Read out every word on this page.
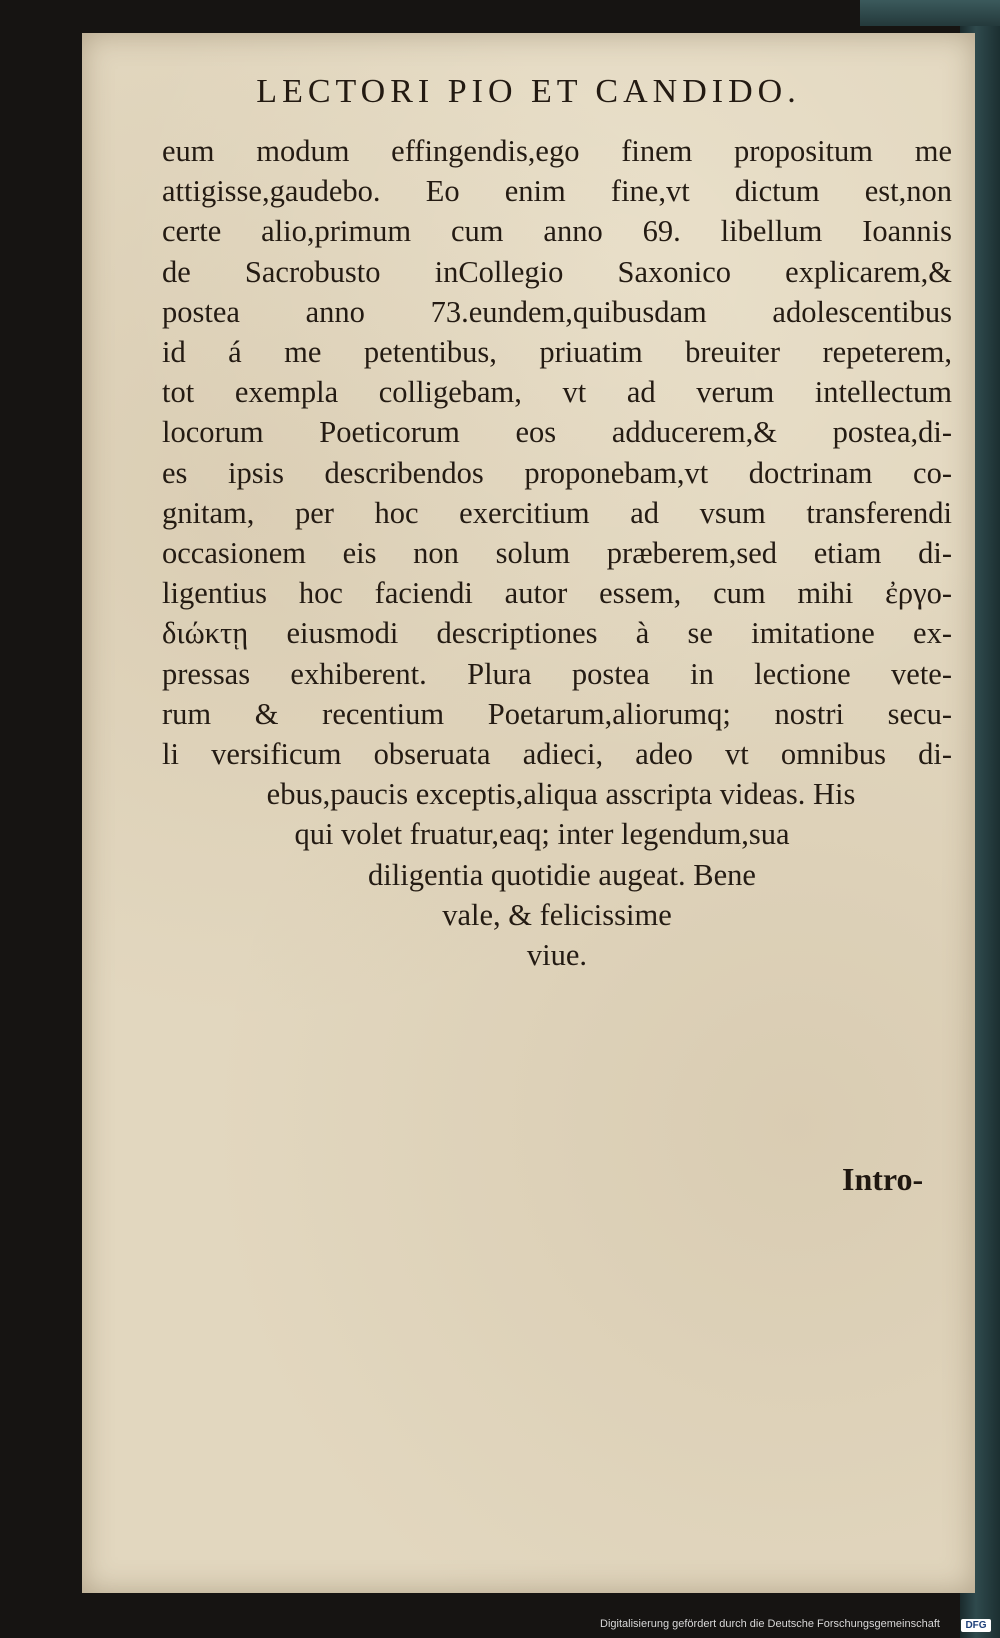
LECTORI PIO ET CANDIDO.
eum modum effingendis,ego finem propositum me
attigisse,gaudebo. Eo enim fine,vt dictum est,non
certe alio,primum cum anno 69. libellum Ioannis
de Sacrobusto inCollegio Saxonico explicarem,&
postea anno 73.eundem,quibusdam adolescentibus
id á me petentibus, priuatim breuiter repeterem,
tot exempla colligebam, vt ad verum intellectum
locorum Poeticorum eos adducerem,& postea,di-
es ipsis describendos proponebam,vt doctrinam co-
gnitam, per hoc exercitium ad vsum transferendi
occasionem eis non solum præberem,sed etiam di-
ligentius hoc faciendi autor essem, cum mihi ἐργο-
διώκτῃ eiusmodi descriptiones à se imitatione ex-
pressas exhiberent. Plura postea in lectione vete-
rum & recentium Poetarum,aliorumq; nostri secu-
li versificum obseruata adieci, adeo vt omnibus di-
ebus,paucis exceptis,aliqua asscripta videas. His
qui volet fruatur,eaq; inter legendum,sua
diligentia quotidie augeat. Bene
vale, & felicissime
viue.
Intro-
Digitalisierung gefördert durch die Deutsche Forschungsgemeinschaft	DFG
